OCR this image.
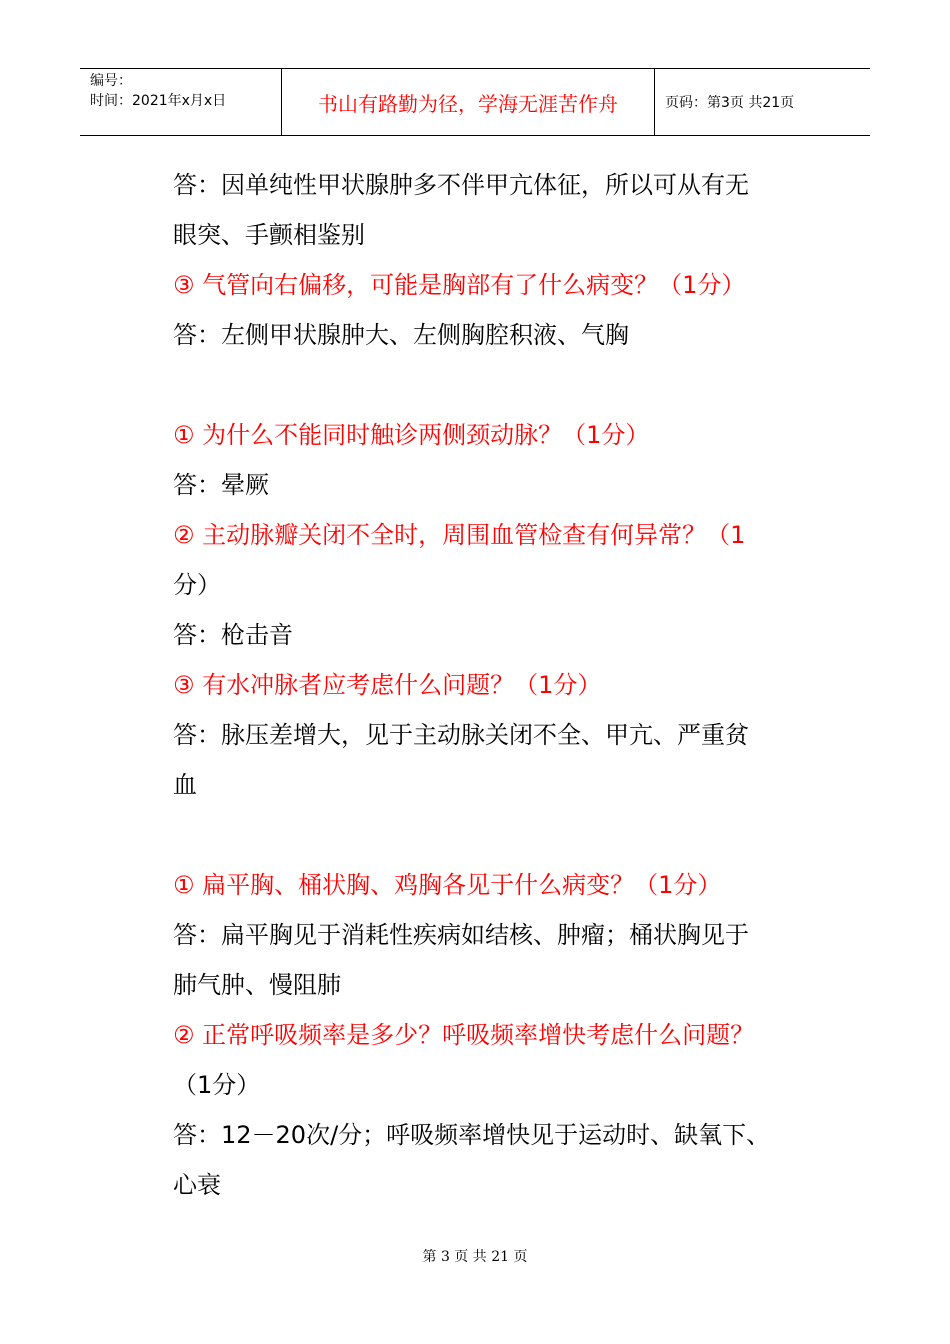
编号：
时间：2021年x月x日	书山有路勤为径，学海无涯苦作舟	页码：第3页 共21页
答：因单纯性甲状腺肿多不伴甲亢体征，所以可从有无
眼突、手颤相鉴别
③ 气管向右偏移，可能是胸部有了什么病变？（1分）
答：左侧甲状腺肿大、左侧胸腔积液、气胸
① 为什么不能同时触诊两侧颈动脉？（1分）
答：晕厥
② 主动脉瓣关闭不全时，周围血管检查有何异常？（1
分）
答：枪击音
③ 有水冲脉者应考虑什么问题？（1分）
答：脉压差增大，见于主动脉关闭不全、甲亢、严重贫
血
① 扁平胸、桶状胸、鸡胸各见于什么病变？（1分）
答：扁平胸见于消耗性疾病如结核、肿瘤；桶状胸见于
肺气肿、慢阻肺
② 正常呼吸频率是多少？呼吸频率增快考虑什么问题？
（1分）
答：12－20次/分；呼吸频率增快见于运动时、缺氧下、
心衰
第 3 页 共 21 页
